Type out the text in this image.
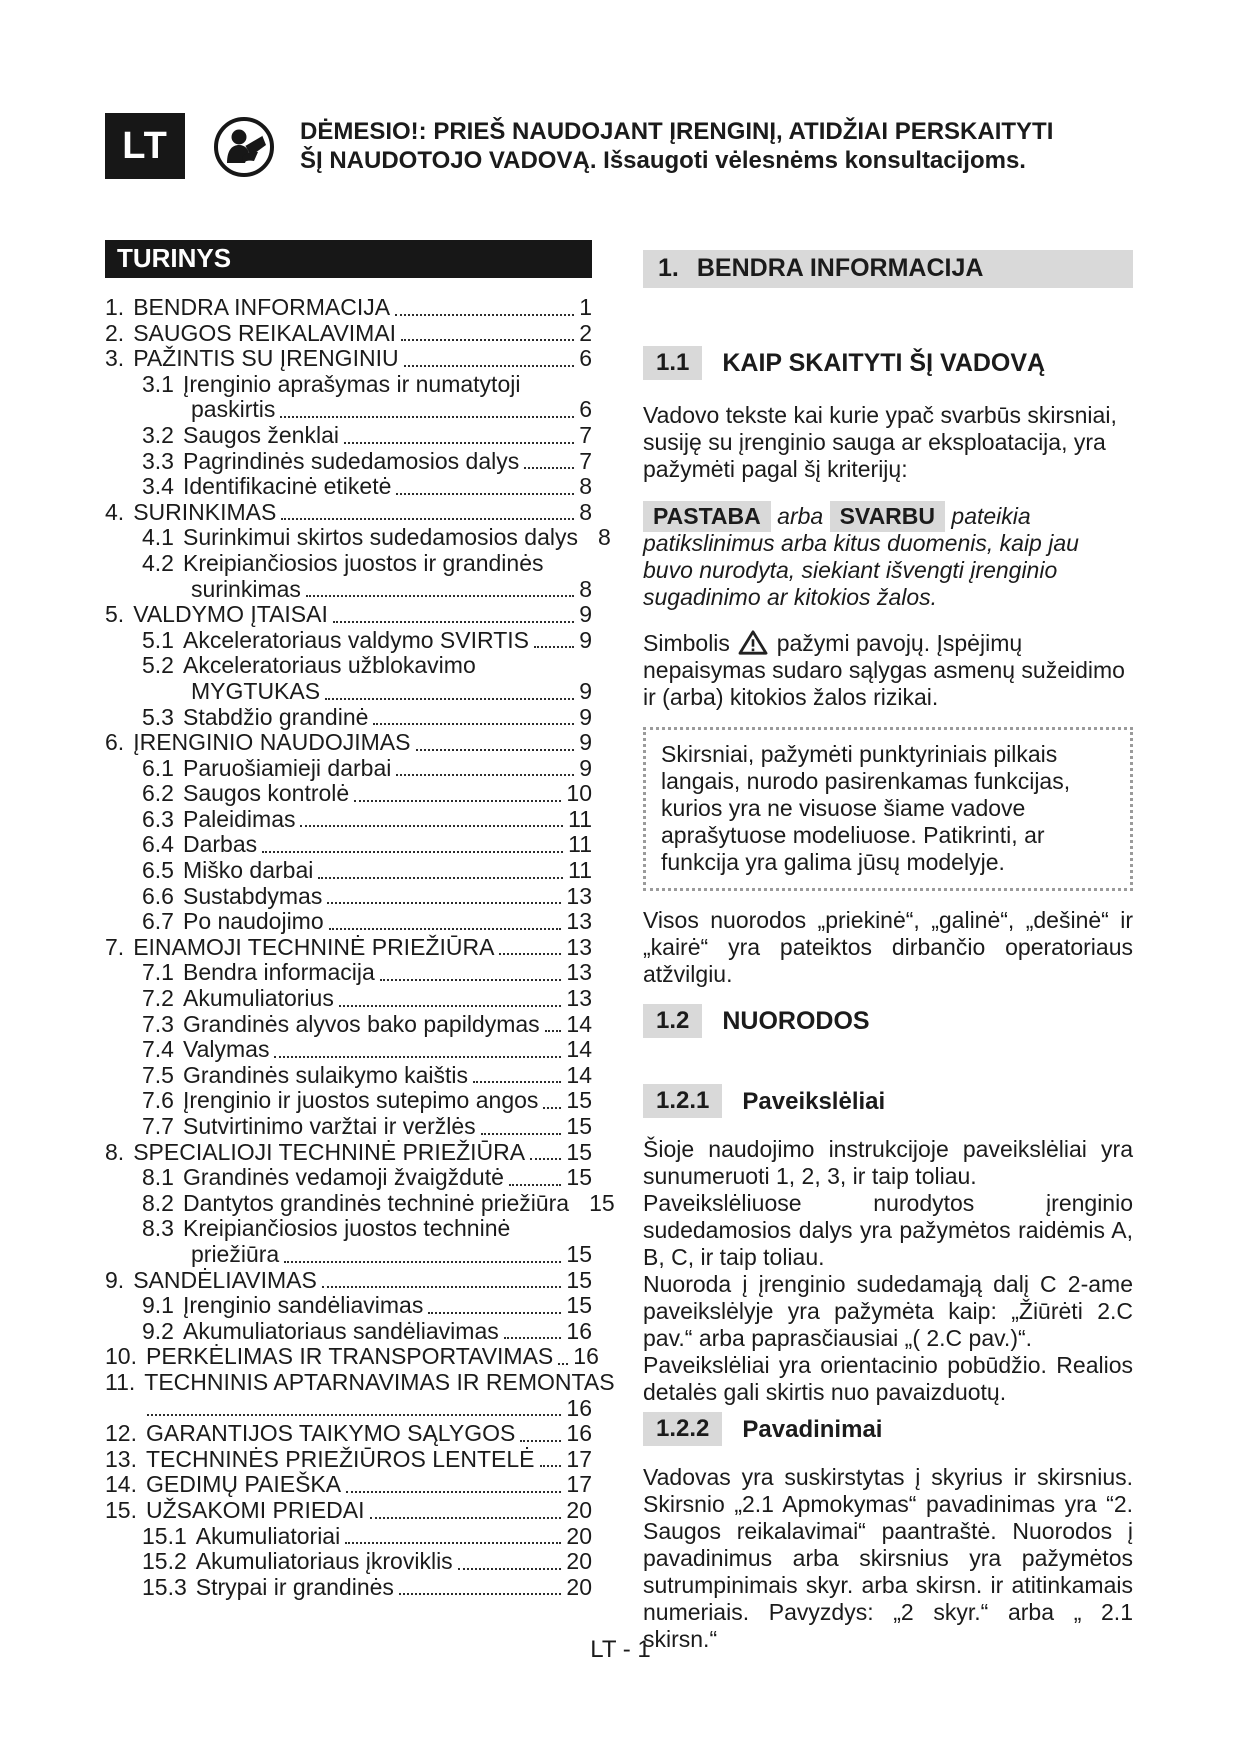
LT	DĖMESIO!: PRIEŠ NAUDOJANT ĮRENGINĮ, ATIDŽIAI PERSKAITYTI
ŠĮ NAUDOTOJO VADOVĄ. Išsaugoti vėlesnėms konsultacijoms.
TURINYS
1. BENDRA INFORMACIJA	1
2. SAUGOS REIKALAVIMAI	2
3. PAŽINTIS SU ĮRENGINIU	6
3.1 Įrenginio aprašymas ir numatytoji
paskirtis	6
3.2 Saugos ženklai	7
3.3 Pagrindinės sudedamosios dalys	7
3.4 Identifikacinė etiketė	8
4. SURINKIMAS	8
4.1 Surinkimui skirtos sudedamosios dalys 8
4.2 Kreipiančiosios juostos ir grandinės
surinkimas	8
5. VALDYMO ĮTAISAI	9
5.1 Akceleratoriaus valdymo SVIRTIS 9
5.2 Akceleratoriaus užblokavimo
MYGTUKAS	9
5.3 Stabdžio grandinė	9
6. ĮRENGINIO NAUDOJIMAS	9
6.1 Paruošiamieji darbai	9
6.2 Saugos kontrolė	10
6.3 Paleidimas	11
6.4 Darbas	11
6.5 Miško darbai	11
6.6 Sustabdymas	13
6.7 Po naudojimo	13
7. EINAMOJI TECHNINĖ PRIEŽIŪRA	13
7.1 Bendra informacija	13
7.2 Akumuliatorius	13
7.3 Grandinės alyvos bako papildymas 14
7.4 Valymas	14
7.5 Grandinės sulaikymo kaištis	14
7.6 Įrenginio ir juostos sutepimo angos 15
7.7 Sutvirtinimo varžtai ir veržlės	15
8. SPECIALIOJI TECHNINĖ PRIEŽIŪRA 15
8.1 Grandinės vedamoji žvaigždutė	15
8.2 Dantytos grandinės techninė priežiūra 15
8.3 Kreipiančiosios juostos techninė
priežiūra	15
9. SANDĖLIAVIMAS	15
9.1 Įrenginio sandėliavimas	15
9.2 Akumuliatoriaus sandėliavimas	16
10. PERKĖLIMAS IR TRANSPORTAVIMAS 16
11. TECHNINIS APTARNAVIMAS IR REMONTAS
16
12. GARANTIJOS TAIKYMO SĄLYGOS 16
13. TECHNINĖS PRIEŽIŪROS LENTELĖ 17
14. GEDIMŲ PAIEŠKA	17
15. UŽSAKOMI PRIEDAI	20
15.1 Akumuliatoriai	20
15.2 Akumuliatoriaus įkroviklis	20
15.3 Strypai ir grandinės	20
1. BENDRA INFORMACIJA
1.1	KAIP SKAITYTI ŠĮ VADOVĄ

Vadovo tekste kai kurie ypač svarbūs skirsniai, susiję su įrenginio sauga ar eksploatacija, yra pažymėti pagal šį kriterijų:

PASTABA arba SVARBU pateikia patikslinimus arba kitus duomenis, kaip jau buvo nurodyta, siekiant išvengti įrenginio sugadinimo ar kitokios žalos.

Simbolis pažymi pavojų. Įspėjimų nepaisymas sudaro sąlygas asmenų sužeidimo ir (arba) kitokios žalos rizikai.

Skirsniai, pažymėti punktyriniais pilkais langais, nurodo pasirenkamas funkcijas, kurios yra ne visuose šiame vadove aprašytuose modeliuose. Patikrinti, ar funkcija yra galima jūsų modelyje.

Visos nuorodos „priekinė“, „galinė“, „dešinė“ ir „kairė“ yra pateiktos dirbančio operatoriaus atžvilgiu.

1.2	NUORODOS
1.2.1	Paveikslėliai

Šioje naudojimo instrukcijoje paveikslėliai yra sunumeruoti 1, 2, 3, ir taip toliau.

Paveikslėliuose nurodytos įrenginio sudedamosios dalys yra pažymėtos raidėmis A, B, C, ir taip toliau.

Nuoroda į įrenginio sudedamąją dalį C 2-ame paveikslėlyje yra pažymėta kaip: „Žiūrėti 2.C pav.“ arba paprasčiausiai „( 2.C pav.)“.

Paveikslėliai yra orientacinio pobūdžio. Realios detalės gali skirtis nuo pavaizduotų.

1.2.2	Pavadinimai

Vadovas yra suskirstytas į skyrius ir skirsnius. Skirsnio „2.1 Apmokymas“ pavadinimas yra “2. Saugos reikalavimai“ paantraštė. Nuorodos į pavadinimus arba skirsnius yra pažymėtos sutrumpinimais skyr. arba skirsn. ir atitinkamais numeriais. Pavyzdys: „2 skyr.“ arba „ 2.1 skirsn.“

LT - 1
